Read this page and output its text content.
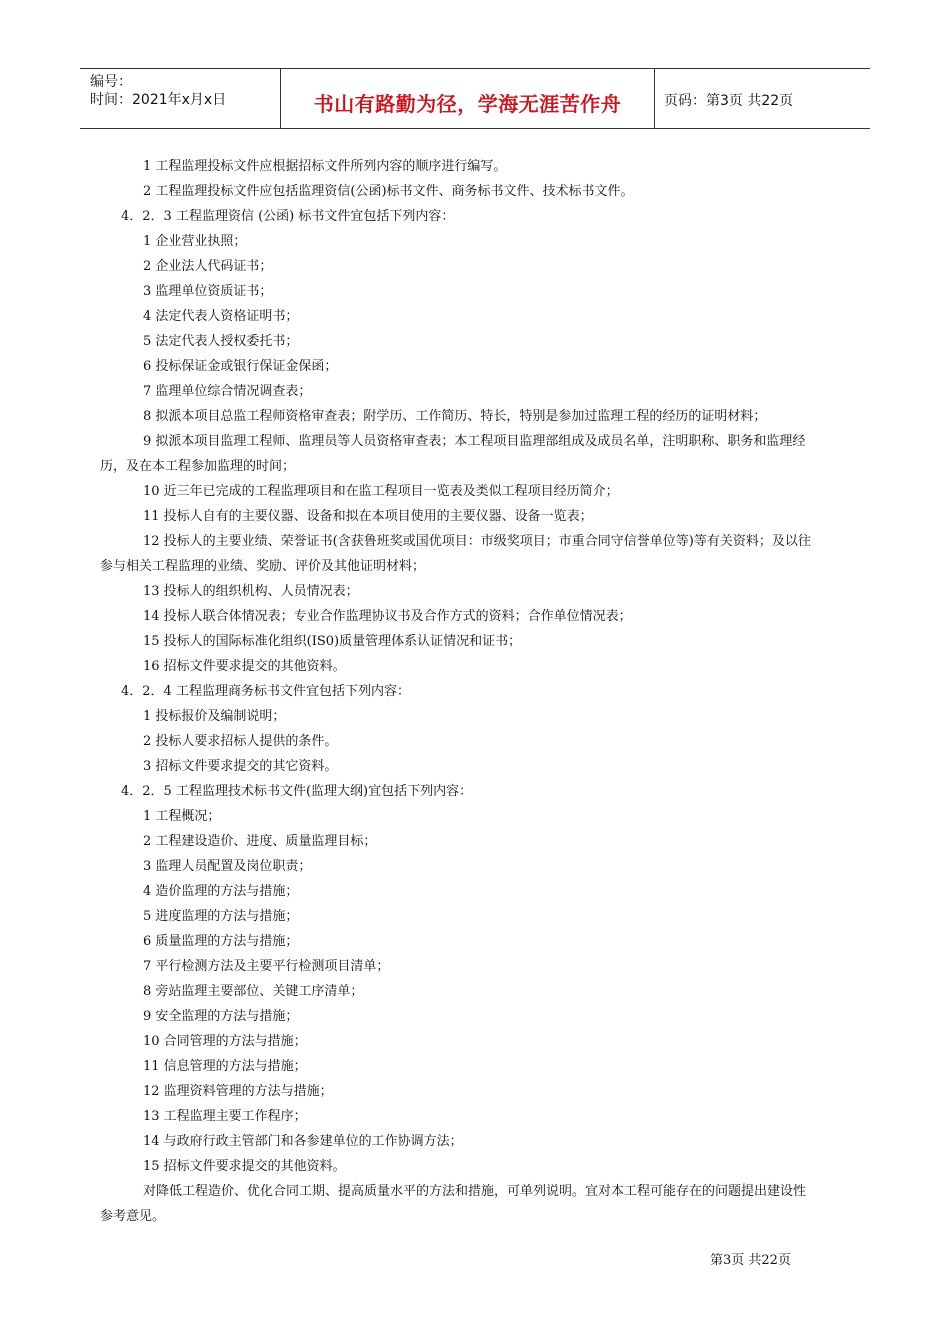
编号：
时间：2021年x月x日	书山有路勤为径，学海无涯苦作舟	页码：第3页 共22页
1 工程监理投标文件应根据招标文件所列内容的顺序进行编写。
2 工程监理投标文件应包括监理资信(公函)标书文件、商务标书文件、技术标书文件。
4．2．3 工程监理资信 (公函) 标书文件宜包括下列内容：
1 企业营业执照；
2 企业法人代码证书；
3 监理单位资质证书；
4 法定代表人资格证明书；
5 法定代表人授权委托书；
6 投标保证金或银行保证金保函；
7 监理单位综合情况调查表；
8 拟派本项目总监工程师资格审查表；附学历、工作简历、特长，特别是参加过监理工程的经历的证明材料；
9 拟派本项目监理工程师、监理员等人员资格审查表；本工程项目监理部组成及成员名单，注明职称、职务和监理经
历，及在本工程参加监理的时间；
10 近三年已完成的工程监理项目和在监工程项目一览表及类似工程项目经历简介；
11 投标人自有的主要仪器、设备和拟在本项目使用的主要仪器、设备一览表；
12 投标人的主要业绩、荣誉证书(含获鲁班奖或国优项目：市级奖项目；市重合同守信誉单位等)等有关资料；及以往
参与相关工程监理的业绩、奖励、评价及其他证明材料；
13 投标人的组织机构、人员情况表；
14 投标人联合体情况表；专业合作监理协议书及合作方式的资料；合作单位情况表；
15 投标人的国际标准化组织(IS0)质量管理体系认证情况和证书；
16 招标文件要求提交的其他资料。
4．2．4 工程监理商务标书文件宜包括下列内容：
1 投标报价及编制说明；
2 投标人要求招标人提供的条件。
3 招标文件要求提交的其它资料。
4．2．5 工程监理技术标书文件(监理大纲)宜包括下列内容：
1 工程概况；
2 工程建设造价、进度、质量监理目标；
3 监理人员配置及岗位职责；
4 造价监理的方法与措施；
5 进度监理的方法与措施；
6 质量监理的方法与措施；
7 平行检测方法及主要平行检测项目清单；
8 旁站监理主要部位、关键工序清单；
9 安全监理的方法与措施；
10 合同管理的方法与措施；
11 信息管理的方法与措施；
12 监理资料管理的方法与措施；
13 工程监理主要工作程序；
14 与政府行政主管部门和各参建单位的工作协调方法；
15 招标文件要求提交的其他资料。
对降低工程造价、优化合同工期、提高质量水平的方法和措施，可单列说明。宜对本工程可能存在的问题提出建设性
参考意见。
第3页 共22页
